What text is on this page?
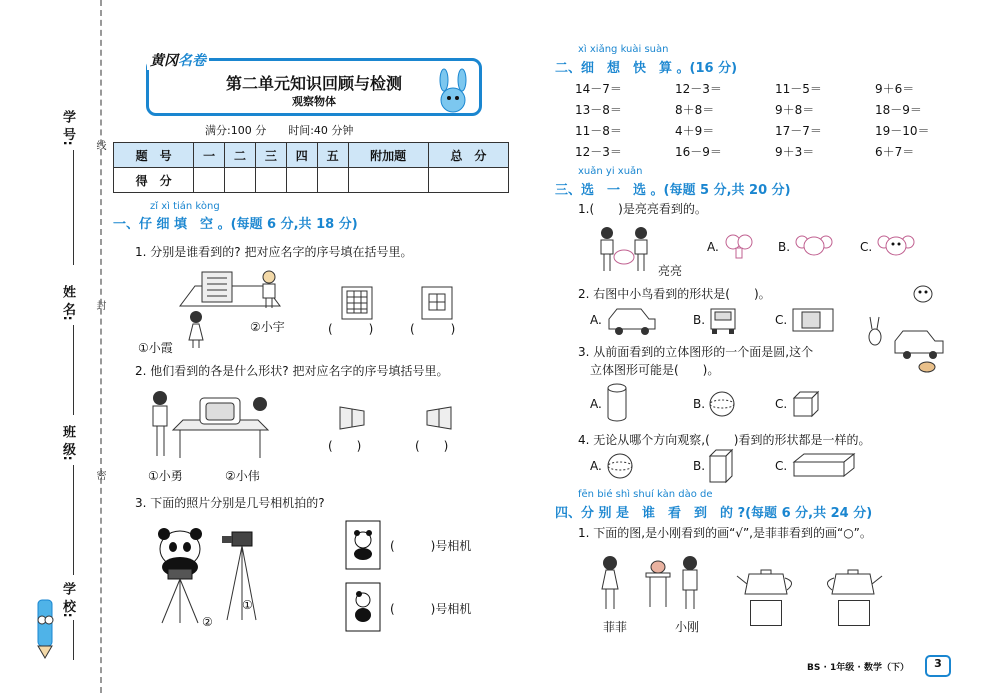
学 号:
姓 名:
班 级:
学 校:
线
封
密
第二单元知识回顾与检测
观察物体
黄冈名卷
满分:100 分　　时间:40 分钟
题　号	一	二	三	四	五	附加题	总　分
得　分							
zǐ xì tián kòng
一、仔 细 填　空 。(每题 6 分,共 18 分)
1. 分别是谁看到的? 把对应名字的序号填在括号里。
①小霞
②小宇	(　　　)	(　　　)
2. 他们看到的各是什么形状? 把对应名字的序号填括号里。
①小勇	②小伟
(　　)	(　　)
3. 下面的照片分别是几号相机拍的?
①
②
(　　　)号相机
(　　　)号相机
xì xiǎng kuài suàn
二、细　想　快　算 。(16 分)
14－7＝	12－3＝	11－5＝	9＋6＝
13－8＝	8＋8＝	9＋8＝	18－9＝
11－8＝	4＋9＝	17－7＝	19－10＝
12－3＝	16－9＝	9＋3＝	6＋7＝
xuǎn yi xuǎn
三、选　一　选 。(每题 5 分,共 20 分)
1.(　　)是亮亮看到的。
亮亮
A.	B.	C.
2. 右图中小鸟看到的形状是(　　)。
A.	B.	C.
3. 从前面看到的立体图形的一个面是圆,这个
立体图形可能是(　　)。
A.	B.	C.
4. 无论从哪个方向观察,(　　)看到的形状都是一样的。
A.	B.	C.
fēn bié shì shuí kàn dào de
四、分 别 是　谁　看　到　的 ?(每题 6 分,共 24 分)
1. 下面的图,是小刚看到的画“√”,是菲菲看到的画“○”。
菲菲	小刚
BS · 1年级 · 数学（下）	3
